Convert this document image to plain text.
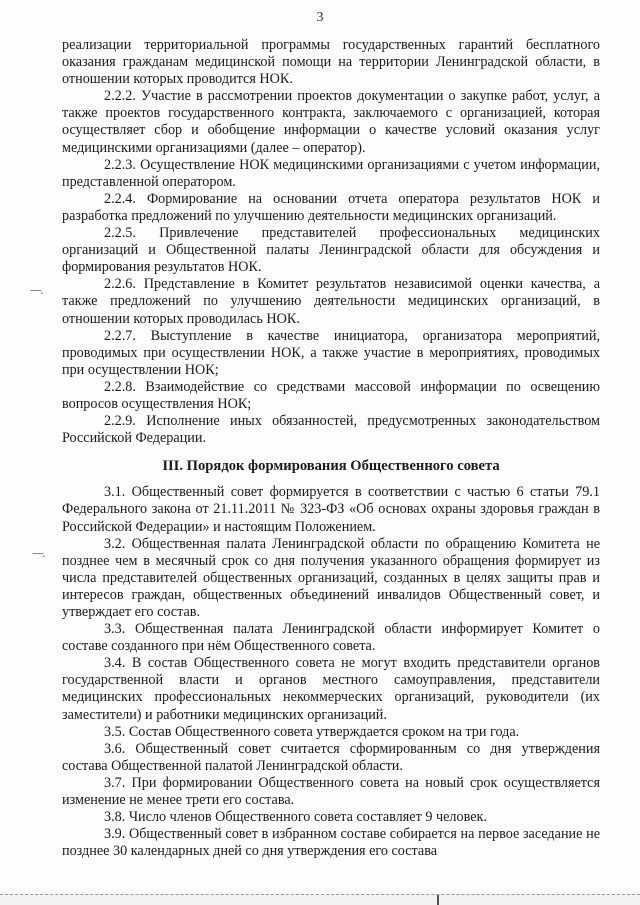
3
—.
—.

реализации территориальной программы государственных гарантий бесплатного оказания гражданам медицинской помощи на территории Ленинградской области, в отношении которых проводится НОК.

2.2.2. Участие в рассмотрении проектов документации о закупке работ, услуг, а также проектов государственного контракта, заключаемого с организацией, которая осуществляет сбор и обобщение информации о качестве условий оказания услуг медицинскими организациями (далее – оператор).

2.2.3. Осуществление НОК медицинскими организациями с учетом информации, представленной оператором.

2.2.4. Формирование на основании отчета оператора результатов НОК и разработка предложений по улучшению деятельности медицинских организаций.

2.2.5. Привлечение представителей профессиональных медицинских организаций и Общественной палаты Ленинградской области для обсуждения и формирования результатов НОК.

2.2.6. Представление в Комитет результатов независимой оценки качества, а также предложений по улучшению деятельности медицинских организаций, в отношении которых проводилась НОК.

2.2.7. Выступление в качестве инициатора, организатора мероприятий, проводимых при осуществлении НОК, а также участие в мероприятиях, проводимых при осуществлении НОК;

2.2.8. Взаимодействие со средствами массовой информации по освещению вопросов осуществления НОК;

2.2.9. Исполнение иных обязанностей, предусмотренных законодательством Российской Федерации.

III. Порядок формирования Общественного совета

3.1. Общественный совет формируется в соответствии с частью 6 статьи 79.1 Федерального закона от 21.11.2011 № 323-ФЗ «Об основах охраны здоровья граждан в Российской Федерации» и настоящим Положением.

3.2. Общественная палата Ленинградской области по обращению Комитета не позднее чем в месячный срок со дня получения указанного обращения формирует из числа представителей общественных организаций, созданных в целях защиты прав и интересов граждан, общественных объединений инвалидов Общественный совет, и утверждает его состав.

3.3. Общественная палата Ленинградской области информирует Комитет о составе созданного при нём Общественного совета.

3.4. В состав Общественного совета не могут входить представители органов государственной власти и органов местного самоуправления, представители медицинских профессиональных некоммерческих организаций, руководители (их заместители) и работники медицинских организаций.

3.5. Состав Общественного совета утверждается сроком на три года.

3.6. Общественный совет считается сформированным со дня утверждения состава Общественной палатой Ленинградской области.

3.7. При формировании Общественного совета на новый срок осуществляется изменение не менее трети его состава.

3.8. Число членов Общественного совета составляет 9 человек.

3.9. Общественный совет в избранном составе собирается на первое заседание не позднее 30 календарных дней со дня утверждения его состава
